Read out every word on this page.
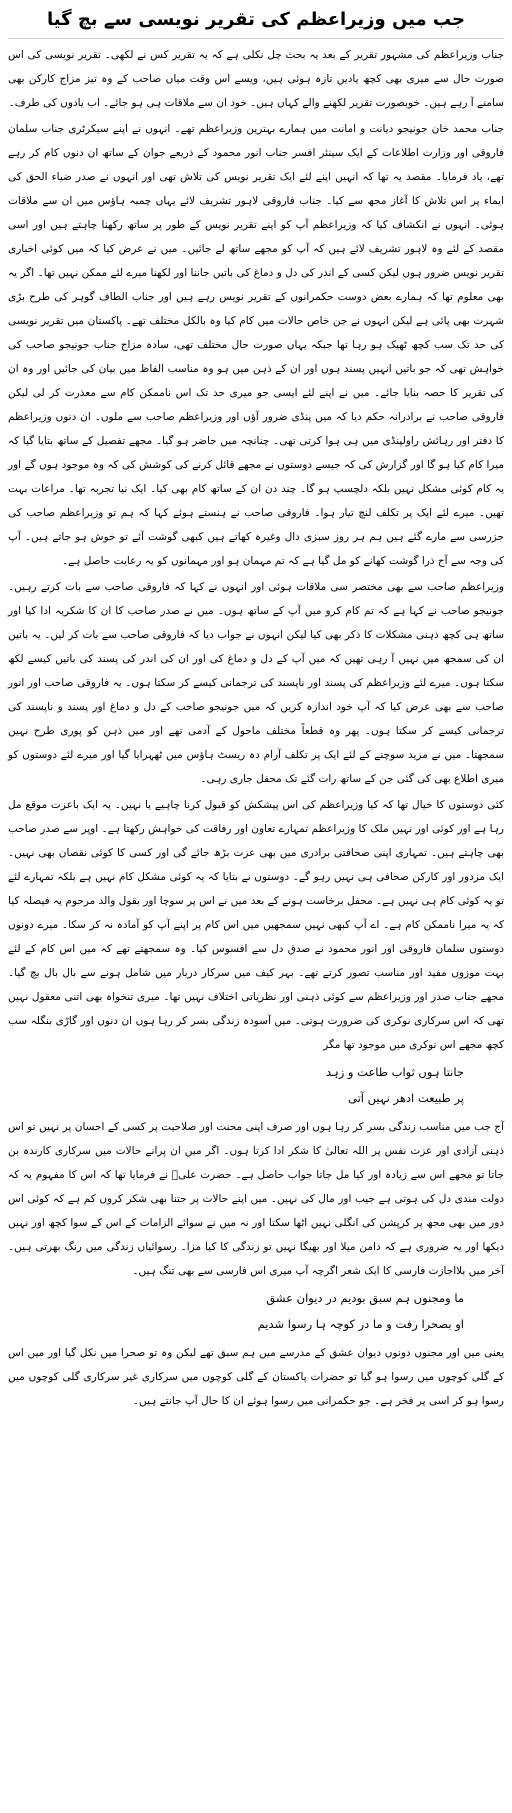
جب میں وزیراعظم کی تقریر نویسی سے بچ گیا

جناب وزیراعظم کی مشہور تقریر کے بعد یہ بحث چل نکلی ہے کہ یہ تقریر کس نے لکھی۔ تقریر نویسی کی اس صورت حال سے میری بھی کچھ یادیں تازہ ہوئی ہیں، ویسے اس وقت میاں صاحب کے وہ تیز مزاج کارکن بھی سامنے آ رہے ہیں۔ خوبصورت تقریر لکھنے والے کہاں ہیں۔ خود ان سے ملاقات ہی ہو جائے۔ اب یادوں کی طرف۔

جناب محمد خان جونیجو دیانت و امانت میں ہمارے بہترین وزیراعظم تھے۔ انہوں نے اپنے سیکرٹری جناب سلمان فاروقی اور وزارت اطلاعات کے ایک سینئر افسر جناب انور محمود کے ذریعے جوان کے ساتھ ان دنوں کام کر رہے تھے، یاد فرمایا۔ مقصد یہ تھا کہ انہیں اپنے لئے ایک تقریر نویس کی تلاش تھی اور انہوں نے صدر ضیاء الحق کی ایماء پر اس تلاش کا آغاز مجھ سے کیا۔ جناب فاروقی لاہور تشریف لائے یہاں چمبہ ہاؤس میں ان سے ملاقات ہوئی۔ انہوں نے انکشاف کیا کہ وزیراعظم آپ کو اپنے تقریر نویس کے طور پر ساتھ رکھنا چاہتے ہیں اور اسی مقصد کے لئے وہ لاہور تشریف لائے ہیں کہ آپ کو مجھے ساتھ لے جائیں۔ میں نے عرض کیا کہ میں کوئی اخباری تقریر نویس ضرور ہوں لیکن کسی کے اندر کی دل و دماغ کی باتیں جاننا اور لکھنا میرے لئے ممکن نہیں تھا۔ اگر یہ بھی معلوم تھا کہ ہمارے بعض دوست حکمرانوں کے تقریر نویس رہے ہیں اور جناب الطاف گوہر کی طرح بڑی شہرت بھی پائی ہے لیکن انہوں نے جن خاص حالات میں کام کیا وہ بالکل مختلف تھے۔ پاکستان میں تقریر نویسی کی حد تک سب کچھ ٹھیک ہو رہا تھا جبکہ یہاں صورت حال مختلف تھی، سادہ مزاج جناب جونیجو صاحب کی خواہش تھی کہ جو باتیں انہیں پسند ہوں اور ان کے ذہن میں ہو وہ مناسب الفاظ میں بیان کی جائیں اور وہ ان کی تقریر کا حصہ بنایا جائے۔ میں نے اپنے لئے ایسی جو میری حد تک اس ناممکن کام سے معذرت کر لی لیکن فاروقی صاحب نے برادرانہ حکم دیا کہ میں پنڈی ضرور آؤں اور وزیراعظم صاحب سے ملوں۔ ان دنوں وزیراعظم کا دفتر اور رہائش راولپنڈی میں ہی ہوا کرتی تھی۔ چنانچہ میں حاضر ہو گیا۔ مجھے تفصیل کے ساتھ بتایا گیا کہ میرا کام کیا ہو گا اور گزارش کی کہ جیسے دوستوں نے مجھے قائل کرنے کی کوشش کی کہ وہ موجود ہوں گے اور یہ کام کوئی مشکل نہیں بلکہ دلچسپ ہو گا۔ چند دن ان کے ساتھ کام بھی کیا۔ ایک نیا تجربہ تھا۔ مراعات بہت تھیں۔ میرے لئے ایک پر تکلف لنچ تیار ہوا۔ فاروقی صاحب نے ہنستے ہوئے کہا کہ ہم تو وزیراعظم صاحب کی جزرسی سے مارے گئے ہیں ہم ہر روز سبزی دال وغیرہ کھاتے ہیں کبھی گوشت آئے تو خوش ہو جاتے ہیں۔ آپ کی وجہ سے آج ذرا گوشت کھانے کو مل گیا ہے کہ تم مہمان ہو اور مہمانوں کو یہ رعایت حاصل ہے۔

وزیراعظم صاحب سے بھی مختصر سی ملاقات ہوئی اور انہوں نے کہا کہ فاروقی صاحب سے بات کرتے رہیں۔ جونیجو صاحب نے کہا ہے کہ تم کام کرو میں آپ کے ساتھ ہوں۔ میں نے صدر صاحب کا ان کا شکریہ ادا کیا اور ساتھ ہی کچھ ذہنی مشکلات کا ذکر بھی کیا لیکن انہوں نے جواب دیا کہ فاروقی صاحب سے بات کر لیں۔ یہ باتیں ان کی سمجھ میں نہیں آ رہی تھیں کہ میں آپ کے دل و دماغ کی اور ان کی اندر کی پسند کی باتیں کیسے لکھ سکتا ہوں۔ میرے لئے وزیراعظم کی پسند اور ناپسند کی ترجمانی کیسے کر سکتا ہوں۔ یہ فاروقی صاحب اور انور صاحب سے بھی عرض کیا کہ آپ خود اندازہ کریں کہ میں جونیجو صاحب کے دل و دماغ اور پسند و ناپسند کی ترجمانی کیسے کر سکتا ہوں۔ پھر وہ قطعاً مختلف ماحول کے آدمی تھے اور میں ذہن کو پوری طرح نہیں سمجھتا۔ میں نے مزید سوچنے کے لئے ایک پر تکلف آرام دہ ریسٹ ہاؤس میں ٹھہرایا گیا اور میرے لئے دوستوں کو میری اطلاع بھی کی گئی جن کے ساتھ رات گئے تک محفل جاری رہی۔

کئی دوستوں کا خیال تھا کہ کیا وزیراعظم کی اس پیشکش کو قبول کرنا چاہیے یا نہیں۔ یہ ایک باعزت موقع مل رہا ہے اور کوئی اور نہیں ملک کا وزیراعظم تمہارے تعاون اور رفاقت کی خواہش رکھتا ہے۔ اوپر سے صدر صاحب بھی چاہتے ہیں۔ تمہاری اپنی صحافتی برادری میں بھی عزت بڑھ جائے گی اور کسی کا کوئی نقصان بھی نہیں۔ ایک مزدور اور کارکن صحافی ہی نہیں رہو گے۔ دوستوں نے بتایا کہ یہ کوئی مشکل کام نہیں ہے بلکہ تمہارے لئے تو یہ کوئی کام ہی نہیں ہے۔ محفل برخاست ہونے کے بعد میں نے اس پر سوچا اور بقول والد مرحوم یہ فیصلہ کیا کہ یہ میرا ناممکن کام ہے۔ اے آپ کبھی نہیں سمجھیں میں اس کام پر اپنے آپ کو آمادہ نہ کر سکا۔ میرے دونوں دوستوں سلمان فاروقی اور انور محمود نے صدق دل سے افسوس کیا۔ وہ سمجھتے تھے کہ میں اس کام کے لئے بہت موزوں مفید اور مناسب تصور کرتے تھے۔ بہر کیف میں سرکار دربار میں شامل ہونے سے بال بال بچ گیا۔ مجھے جناب صدر اور وزیراعظم سے کوئی ذہنی اور نظریاتی اختلاف نہیں تھا۔ میری تنخواہ بھی اتنی معقول نہیں تھی کہ اس سرکاری نوکری کی ضرورت ہوتی۔ میں آسودہ زندگی بسر کر رہا ہوں ان دنوں اور گاڑی بنگلہ سب کچھ مجھے اس نوکری میں موجود تھا مگر

جانتا ہوں ثواب طاعت و زہد

پر طبیعت ادھر نہیں آتی

آج جب میں مناسب زندگی بسر کر رہا ہوں اور صرف اپنی محنت اور صلاحیت پر کسی کے احسان پر نہیں تو اس ذہنی آزادی اور عزت نفس پر اللہ تعالیٰ کا شکر ادا کرتا ہوں۔ اگر میں ان پرانے حالات میں سرکاری کارندہ بن جاتا تو مجھے اس سے زیادہ اور کیا مل جاتا جواب حاصل ہے۔ حضرت علیؓ نے فرمایا تھا کہ اس کا مفہوم یہ کہ دولت مندی دل کی ہوتی ہے جیب اور مال کی نہیں۔ میں اپنے حالات پر جتنا بھی شکر کروں کم ہے کہ کوئی اس دور میں بھی مجھ پر کرپشن کی انگلی نہیں اٹھا سکتا اور نہ میں نے سوائے الزامات کے اس کے سوا کچھ اور نہیں دیکھا اور یہ ضروری ہے کہ دامن میلا اور بھیگا نہیں تو زندگی کا کیا مزا۔ رسوائیاں زندگی میں رنگ بھرتی ہیں۔ آخر میں بلااجازت فارسی کا ایک شعر اگرچہ آپ میری اس فارسی سے بھی تنگ ہیں۔

ما ومجنوں ہم سبق بودیم در دیوان عشق

او بصحرا رفت و ما در کوچہ ہا رسوا شدیم

یعنی میں اور مجنوں دونوں دیوان عشق کے مدرسے میں ہم سبق تھے لیکن وہ تو صحرا میں نکل گیا اور میں اس کے گلی کوچوں میں رسوا ہو گیا تو حضرات پاکستان کے گلی کوچوں میں سرکاری غیر سرکاری گلی کوچوں میں رسوا ہو کر اسی پر فخر ہے۔ جو حکمرانی میں رسوا ہوئے ان کا حال آپ جانتے ہیں۔
